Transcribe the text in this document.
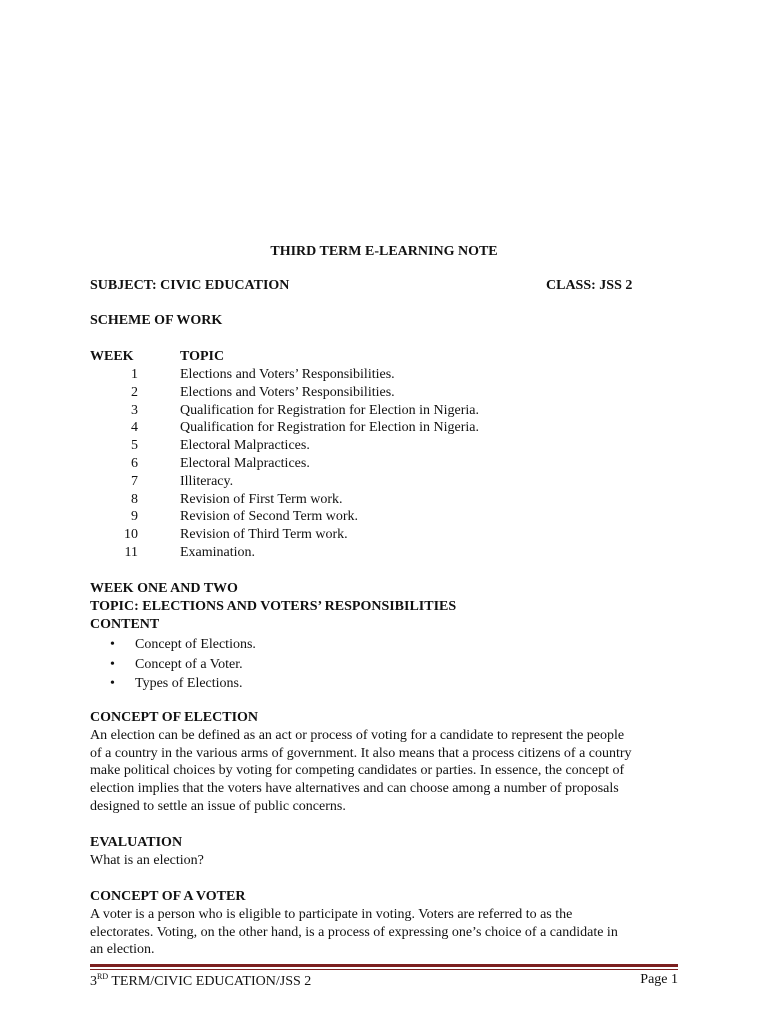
THIRD TERM E-LEARNING NOTE
SUBJECT: CIVIC EDUCATION	CLASS: JSS 2
SCHEME OF WORK
WEEK	TOPIC
1	Elections and Voters’ Responsibilities.
2	Elections and Voters’ Responsibilities.
3	Qualification for Registration for Election in Nigeria.
4	Qualification for Registration for Election in Nigeria.
5	Electoral Malpractices.
6	Electoral Malpractices.
7	Illiteracy.
8	Revision of First Term work.
9	Revision of Second Term work.
10	Revision of Third Term work.
11	Examination.
WEEK ONE AND TWO
TOPIC: ELECTIONS AND VOTERS’ RESPONSIBILITIES
CONTENT
• Concept of Elections.
• Concept of a Voter.
• Types of Elections.
CONCEPT OF ELECTION
An election can be defined as an act or process of voting for a candidate to represent the people
of a country in the various arms of government. It also means that a process citizens of a country
make political choices by voting for competing candidates or parties. In essence, the concept of
election implies that the voters have alternatives and can choose among a number of proposals
designed to settle an issue of public concerns.
EVALUATION
What is an election?
CONCEPT OF A VOTER
A voter is a person who is eligible to participate in voting. Voters are referred to as the
electorates. Voting, on the other hand, is a process of expressing one’s choice of a candidate in
an election.
3RD TERM/CIVIC EDUCATION/JSS 2	Page 1
